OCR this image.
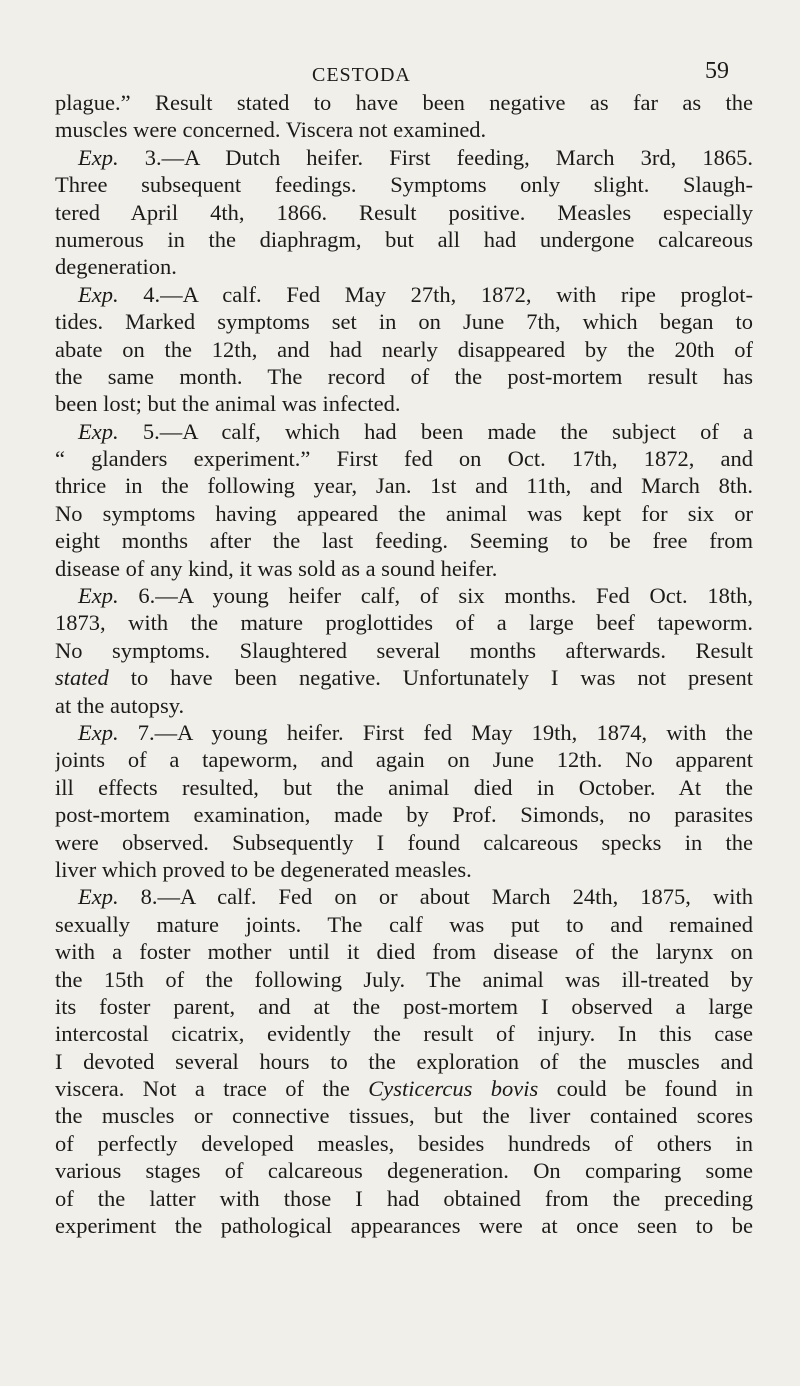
CESTODA	59
plague.” Result stated to have been negative as far as the
muscles were concerned. Viscera not examined.
Exp. 3.—A Dutch heifer. First feeding, March 3rd, 1865.
Three subsequent feedings. Symptoms only slight. Slaugh-
tered April 4th, 1866. Result positive. Measles especially
numerous in the diaphragm, but all had undergone calcareous
degeneration.
Exp. 4.—A calf. Fed May 27th, 1872, with ripe proglot-
tides. Marked symptoms set in on June 7th, which began to
abate on the 12th, and had nearly disappeared by the 20th of
the same month. The record of the post-mortem result has
been lost; but the animal was infected.
Exp. 5.—A calf, which had been made the subject of a
“ glanders experiment.” First fed on Oct. 17th, 1872, and
thrice in the following year, Jan. 1st and 11th, and March 8th.
No symptoms having appeared the animal was kept for six or
eight months after the last feeding. Seeming to be free from
disease of any kind, it was sold as a sound heifer.
Exp. 6.—A young heifer calf, of six months. Fed Oct. 18th,
1873, with the mature proglottides of a large beef tapeworm.
No symptoms. Slaughtered several months afterwards. Result
stated to have been negative. Unfortunately I was not present
at the autopsy.
Exp. 7.—A young heifer. First fed May 19th, 1874, with the
joints of a tapeworm, and again on June 12th. No apparent
ill effects resulted, but the animal died in October. At the
post-mortem examination, made by Prof. Simonds, no parasites
were observed. Subsequently I found calcareous specks in the
liver which proved to be degenerated measles.
Exp. 8.—A calf. Fed on or about March 24th, 1875, with
sexually mature joints. The calf was put to and remained
with a foster mother until it died from disease of the larynx on
the 15th of the following July. The animal was ill-treated by
its foster parent, and at the post-mortem I observed a large
intercostal cicatrix, evidently the result of injury. In this case
I devoted several hours to the exploration of the muscles and
viscera. Not a trace of the Cysticercus bovis could be found in
the muscles or connective tissues, but the liver contained scores
of perfectly developed measles, besides hundreds of others in
various stages of calcareous degeneration. On comparing some
of the latter with those I had obtained from the preceding
experiment the pathological appearances were at once seen to be
